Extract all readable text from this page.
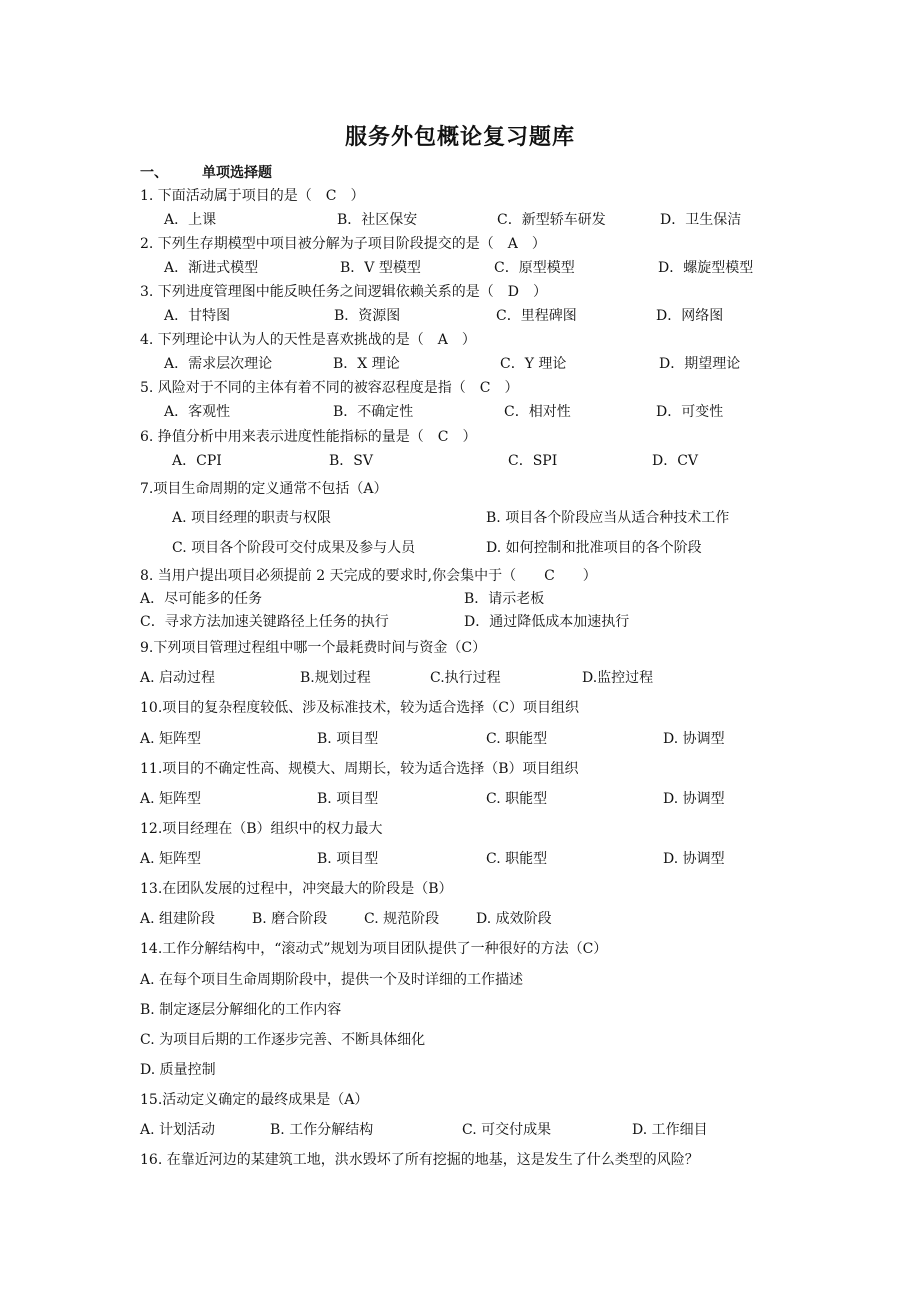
服务外包概论复习题库
一、 单项选择题
1. 下面活动属于项目的是（　C　）
A．上课	B．社区保安	C．新型轿车研发	D．卫生保洁
2. 下列生存期模型中项目被分解为子项目阶段提交的是（　A　）
A．渐进式模型	B．V 型模型	C．原型模型	D．螺旋型模型
3. 下列进度管理图中能反映任务之间逻辑依赖关系的是（　D　）
A．甘特图	B．资源图	C．里程碑图	D．网络图
4. 下列理论中认为人的天性是喜欢挑战的是（　A　）
A．需求层次理论	B．X 理论	C．Y 理论	D．期望理论
5. 风险对于不同的主体有着不同的被容忍程度是指（　C　）
A．客观性	B．不确定性	C．相对性	D．可变性
6. 挣值分析中用来表示进度性能指标的量是（　C　）
A．CPI	B．SV	C．SPI	D．CV
7.项目生命周期的定义通常不包括（A）
A. 项目经理的职责与权限	B. 项目各个阶段应当从适合种技术工作
C. 项目各个阶段可交付成果及参与人员	D. 如何控制和批准项目的各个阶段
8. 当用户提出项目必须提前 2 天完成的要求时,你会集中于（　　C　　）
A．尽可能多的任务	B．请示老板
C．寻求方法加速关键路径上任务的执行	D．通过降低成本加速执行
9.下列项目管理过程组中哪一个最耗费时间与资金（C）
A. 启动过程	B.规划过程	C.执行过程	D.监控过程
10.项目的复杂程度较低、涉及标准技术，较为适合选择（C）项目组织
A. 矩阵型	B. 项目型	C. 职能型	D. 协调型
11.项目的不确定性高、规模大、周期长，较为适合选择（B）项目组织
A. 矩阵型	B. 项目型	C. 职能型	D. 协调型
12.项目经理在（B）组织中的权力最大
A. 矩阵型	B. 项目型	C. 职能型	D. 协调型
13.在团队发展的过程中，冲突最大的阶段是（B）
A. 组建阶段	B. 磨合阶段	C. 规范阶段	D. 成效阶段
14.工作分解结构中，“滚动式”规划为项目团队提供了一种很好的方法（C）
A. 在每个项目生命周期阶段中，提供一个及时详细的工作描述
B. 制定逐层分解细化的工作内容
C. 为项目后期的工作逐步完善、不断具体细化
D. 质量控制
15.活动定义确定的最终成果是（A）
A. 计划活动	B. 工作分解结构	C. 可交付成果	D. 工作细目
16. 在靠近河边的某建筑工地，洪水毁坏了所有挖掘的地基，这是发生了什么类型的风险？
